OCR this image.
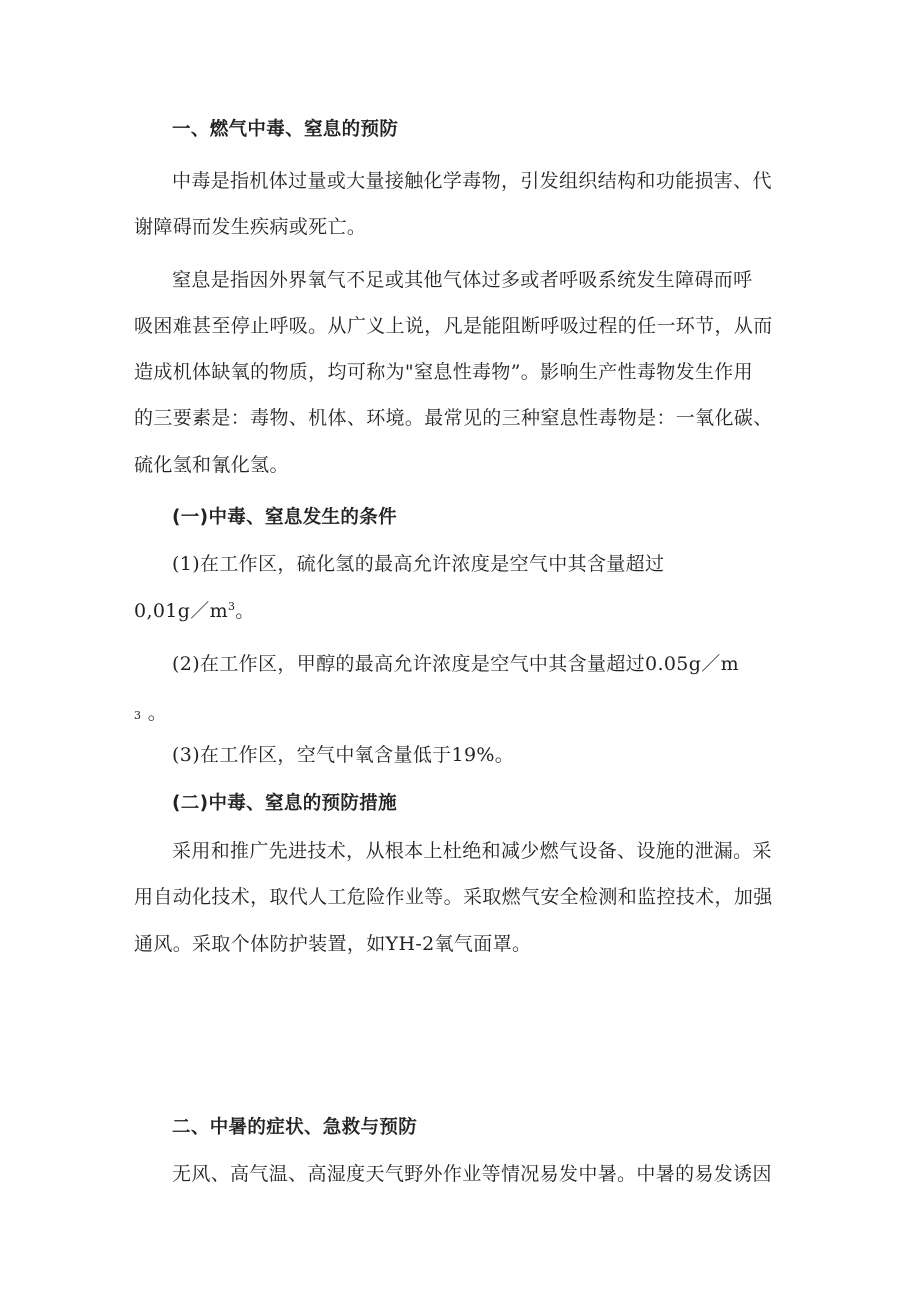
一、燃气中毒、窒息的预防
中毒是指机体过量或大量接触化学毒物，引发组织结构和功能损害、代
谢障碍而发生疾病或死亡。
窒息是指因外界氧气不足或其他气体过多或者呼吸系统发生障碍而呼
吸困难甚至停止呼吸。从广义上说，凡是能阻断呼吸过程的任一环节，从而
造成机体缺氧的物质，均可称为"窒息性毒物”。影响生产性毒物发生作用
的三要素是：毒物、机体、环境。最常见的三种窒息性毒物是：一氧化碳、
硫化氢和氰化氢。
(一)中毒、窒息发生的条件
(1)在工作区，硫化氢的最高允许浓度是空气中其含量超过
$0,01g/m^3$。
(2)在工作区，甲醇的最高允许浓度是空气中其含量超过0.05g／m
3 。
(3)在工作区，空气中氧含量低于19%。
(二)中毒、窒息的预防措施
采用和推广先进技术，从根本上杜绝和减少燃气设备、设施的泄漏。采
用自动化技术，取代人工危险作业等。采取燃气安全检测和监控技术，加强
通风。采取个体防护装置，如YH-2氧气面罩。
二、中暑的症状、急救与预防
无风、高气温、高湿度天气野外作业等情况易发中暑。中暑的易发诱因
